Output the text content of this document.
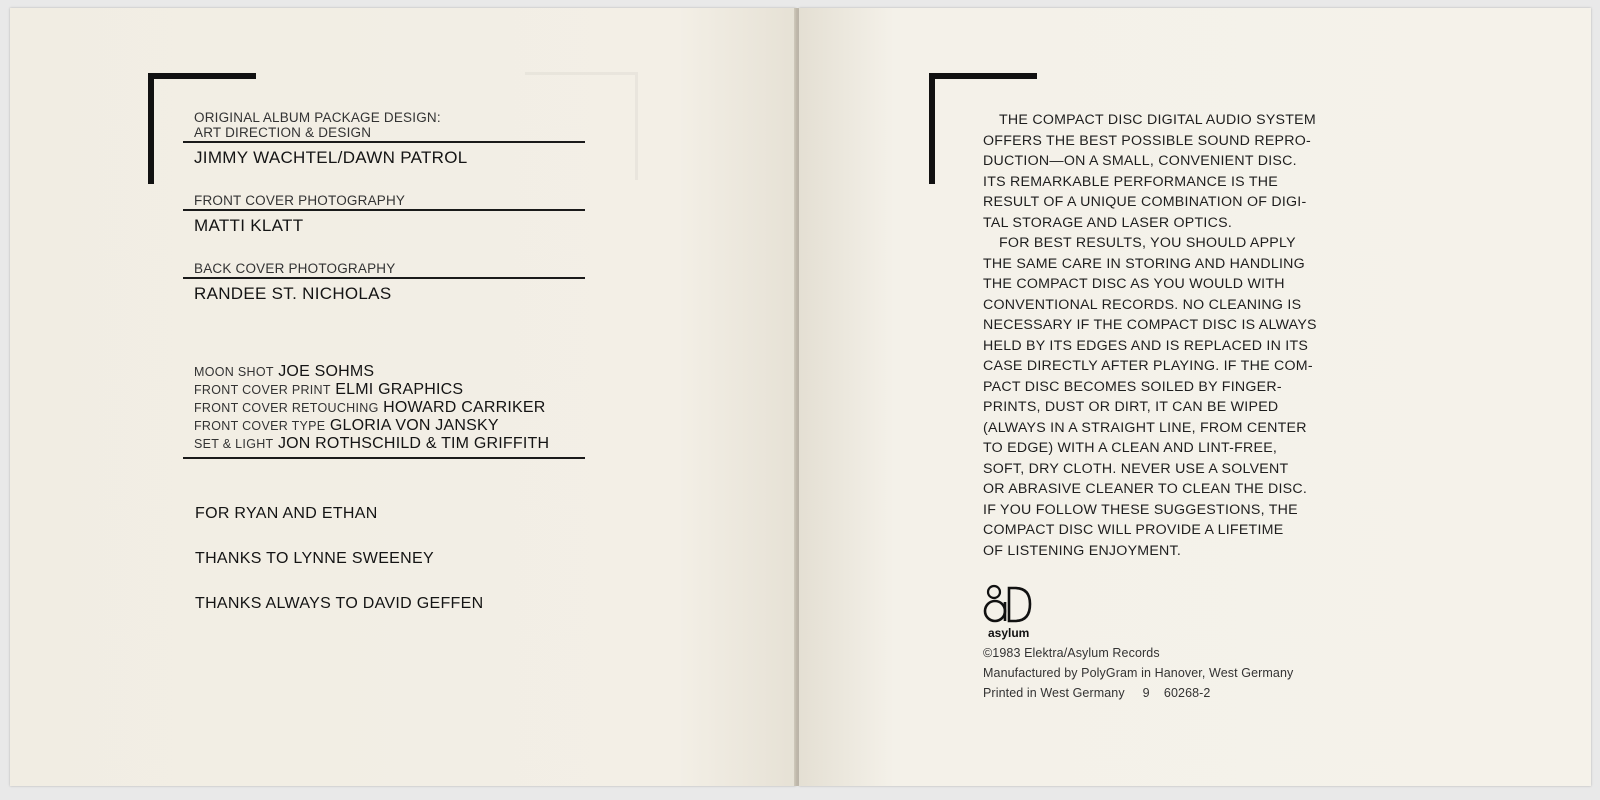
ORIGINAL ALBUM PACKAGE DESIGN:
ART DIRECTION & DESIGN
JIMMY WACHTEL/DAWN PATROL
FRONT COVER PHOTOGRAPHY
MATTI KLATT
BACK COVER PHOTOGRAPHY
RANDEE ST. NICHOLAS
MOON SHOT JOE SOHMS
FRONT COVER PRINT ELMI GRAPHICS
FRONT COVER RETOUCHING HOWARD CARRIKER
FRONT COVER TYPE GLORIA VON JANSKY
SET & LIGHT JON ROTHSCHILD & TIM GRIFFITH
FOR RYAN AND ETHAN
THANKS TO LYNNE SWEENEY
THANKS ALWAYS TO DAVID GEFFEN
THE COMPACT DISC DIGITAL AUDIO SYSTEM
OFFERS THE BEST POSSIBLE SOUND REPRO-
DUCTION—ON A SMALL, CONVENIENT DISC.
ITS REMARKABLE PERFORMANCE IS THE
RESULT OF A UNIQUE COMBINATION OF DIGI-
TAL STORAGE AND LASER OPTICS.
FOR BEST RESULTS, YOU SHOULD APPLY
THE SAME CARE IN STORING AND HANDLING
THE COMPACT DISC AS YOU WOULD WITH
CONVENTIONAL RECORDS. NO CLEANING IS
NECESSARY IF THE COMPACT DISC IS ALWAYS
HELD BY ITS EDGES AND IS REPLACED IN ITS
CASE DIRECTLY AFTER PLAYING. IF THE COM-
PACT DISC BECOMES SOILED BY FINGER-
PRINTS, DUST OR DIRT, IT CAN BE WIPED
(ALWAYS IN A STRAIGHT LINE, FROM CENTER
TO EDGE) WITH A CLEAN AND LINT-FREE,
SOFT, DRY CLOTH. NEVER USE A SOLVENT
OR ABRASIVE CLEANER TO CLEAN THE DISC.
IF YOU FOLLOW THESE SUGGESTIONS, THE
COMPACT DISC WILL PROVIDE A LIFETIME
OF LISTENING ENJOYMENT.
asylum
©1983 Elektra/Asylum Records
Manufactured by PolyGram in Hanover, West Germany
Printed in West Germany     9    60268-2
